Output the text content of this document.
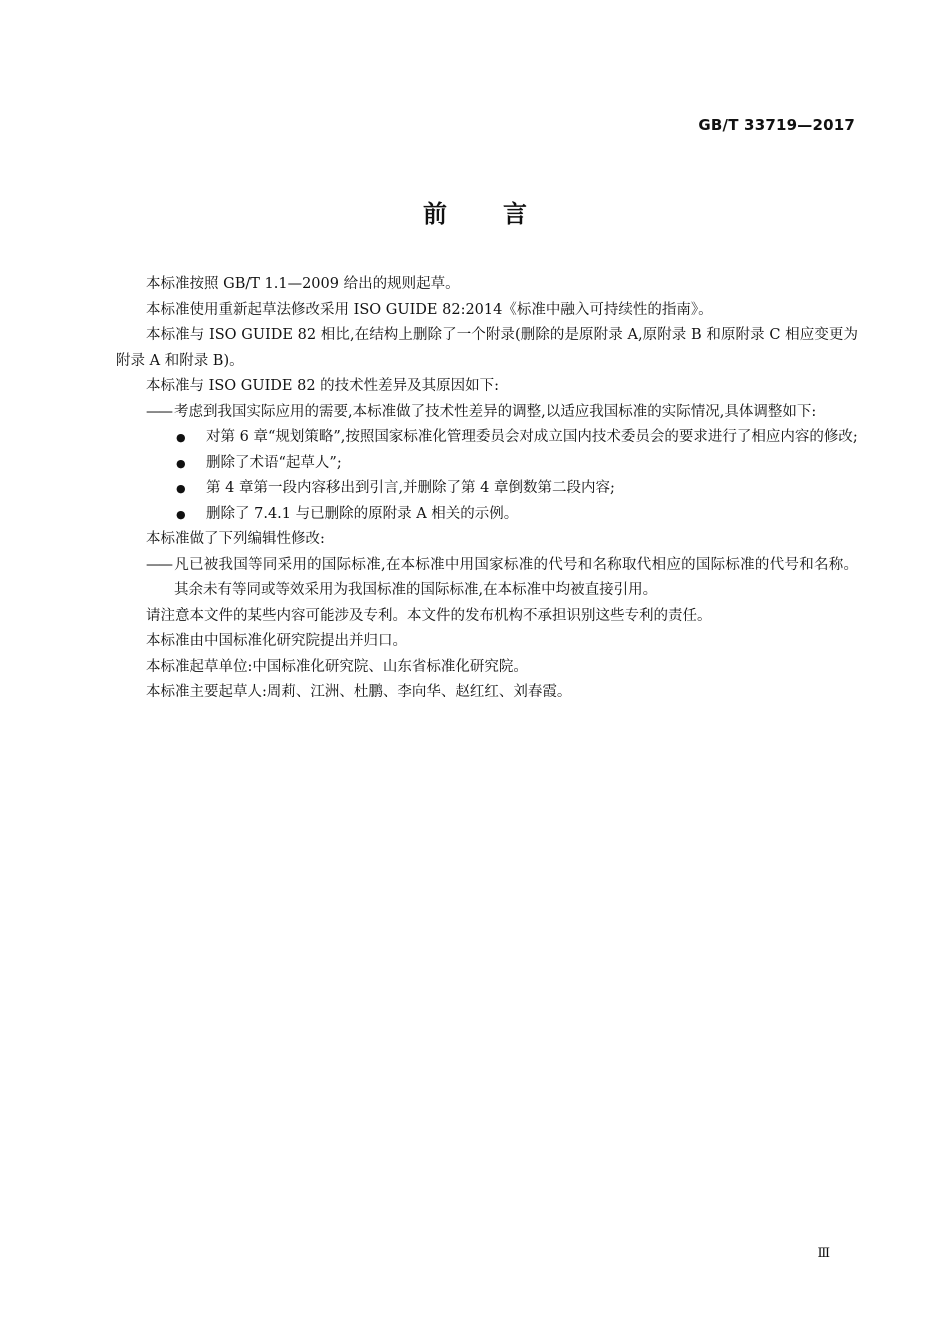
GB/T 33719—2017
前言

本标准按照 GB/T 1.1—2009 给出的规则起草。

本标准使用重新起草法修改采用 ISO GUIDE 82:2014《标准中融入可持续性的指南》。

本标准与 ISO GUIDE 82 相比,在结构上删除了一个附录(删除的是原附录 A,原附录 B 和原附录 C 相应变更为附录 A 和附录 B)。

本标准与 ISO GUIDE 82 的技术性差异及其原因如下:

—— 考虑到我国实际应用的需要,本标准做了技术性差异的调整,以适应我国标准的实际情况,具体调整如下:

●	对第 6 章“规划策略”,按照国家标准化管理委员会对成立国内技术委员会的要求进行了相应内容的修改;
●	删除了术语“起草人”;
●	第 4 章第一段内容移出到引言,并删除了第 4 章倒数第二段内容;
●	删除了 7.4.1 与已删除的原附录 A 相关的示例。

本标准做了下列编辑性修改:

—— 凡已被我国等同采用的国际标准,在本标准中用国家标准的代号和名称取代相应的国际标准的代号和名称。其余未有等同或等效采用为我国标准的国际标准,在本标准中均被直接引用。

请注意本文件的某些内容可能涉及专利。本文件的发布机构不承担识别这些专利的责任。

本标准由中国标准化研究院提出并归口。

本标准起草单位:中国标准化研究院、山东省标准化研究院。

本标准主要起草人:周莉、江洲、杜鹏、李向华、赵红红、刘春霞。

Ⅲ
